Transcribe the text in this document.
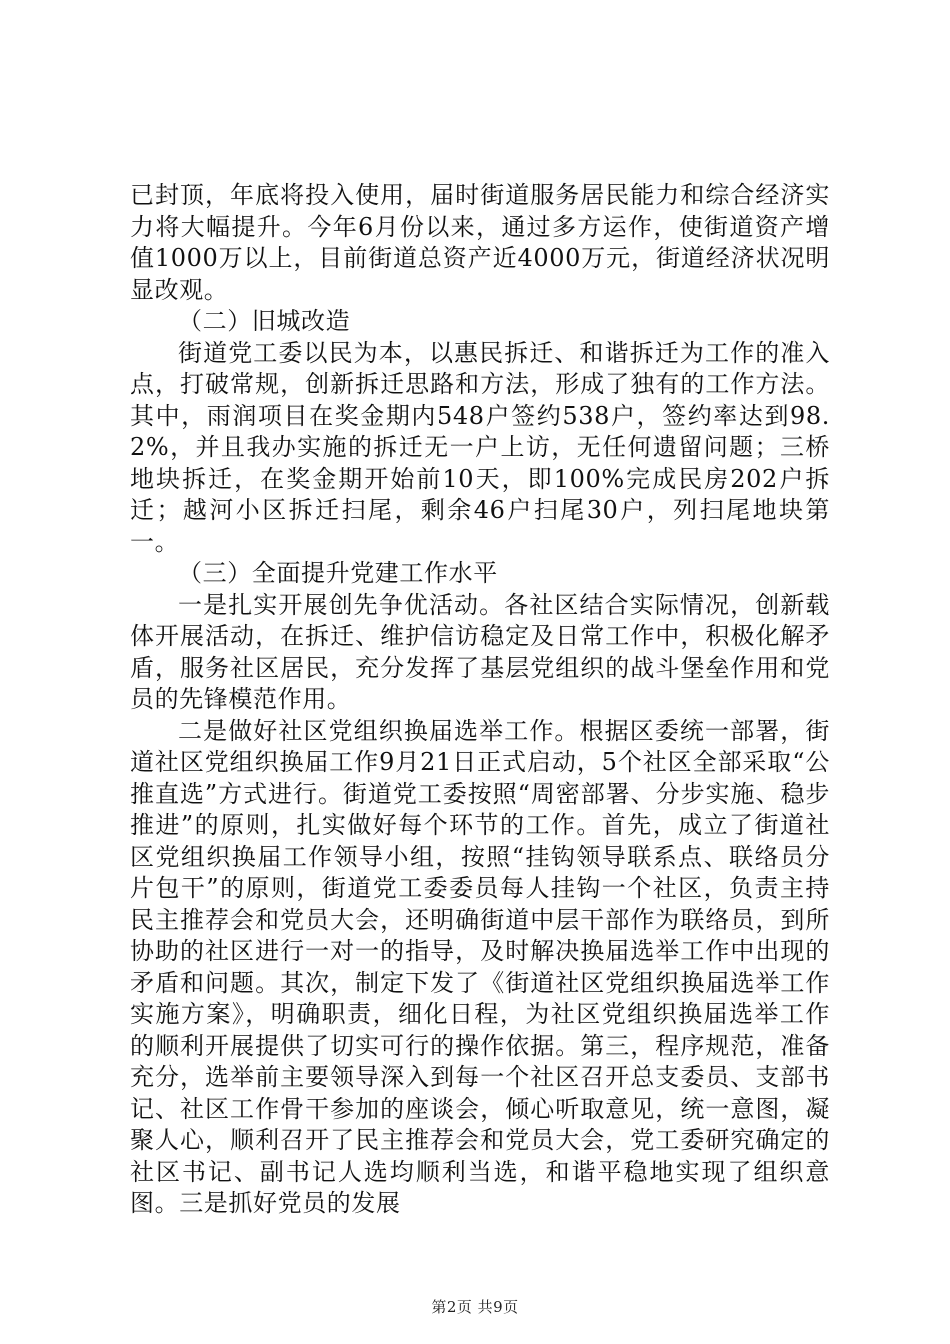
已封顶，年底将投入使用，届时街道服务居民能力和综合经济实力将大幅提升。今年6月份以来，通过多方运作，使街道资产增值1000万以上，目前街道总资产近4000万元，街道经济状况明显改观。

（二）旧城改造

街道党工委以民为本，以惠民拆迁、和谐拆迁为工作的准入点，打破常规，创新拆迁思路和方法，形成了独有的工作方法。其中，雨润项目在奖金期内548户签约538户，签约率达到98.2%，并且我办实施的拆迁无一户上访，无任何遗留问题；三桥地块拆迁，在奖金期开始前10天，即100%完成民房202户拆迁；越河小区拆迁扫尾，剩余46户扫尾30户，列扫尾地块第一。

（三）全面提升党建工作水平

一是扎实开展创先争优活动。各社区结合实际情况，创新载体开展活动，在拆迁、维护信访稳定及日常工作中，积极化解矛盾，服务社区居民，充分发挥了基层党组织的战斗堡垒作用和党员的先锋模范作用。

二是做好社区党组织换届选举工作。根据区委统一部署，街道社区党组织换届工作9月21日正式启动，5个社区全部采取“公推直选”方式进行。街道党工委按照“周密部署、分步实施、稳步推进”的原则，扎实做好每个环节的工作。首先，成立了街道社区党组织换届工作领导小组，按照“挂钩领导联系点、联络员分片包干”的原则，街道党工委委员每人挂钩一个社区，负责主持民主推荐会和党员大会，还明确街道中层干部作为联络员，到所协助的社区进行一对一的指导，及时解决换届选举工作中出现的矛盾和问题。其次，制定下发了《街道社区党组织换届选举工作实施方案》，明确职责，细化日程，为社区党组织换届选举工作的顺利开展提供了切实可行的操作依据。第三，程序规范，准备充分，选举前主要领导深入到每一个社区召开总支委员、支部书记、社区工作骨干参加的座谈会，倾心听取意见，统一意图，凝聚人心，顺利召开了民主推荐会和党员大会，党工委研究确定的社区书记、副书记人选均顺利当选，和谐平稳地实现了组织意图。三是抓好党员的发展

第2页 共9页
